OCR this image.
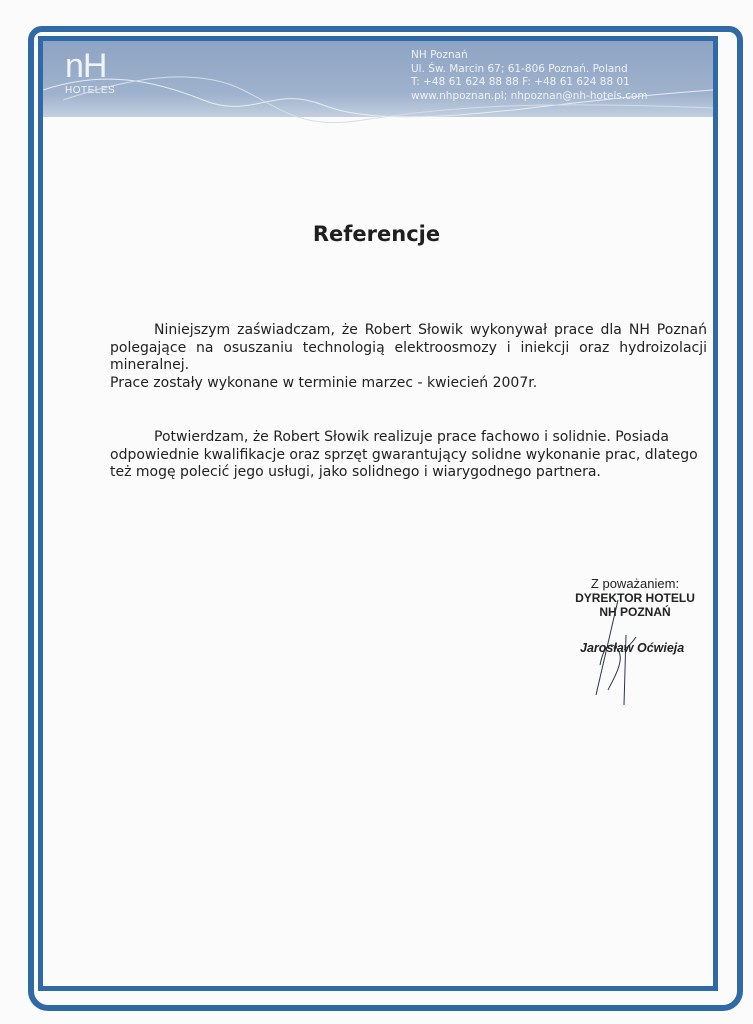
nH
HOTELES
NH Poznań
Ul. Św. Marcin 67; 61-806 Poznań. Poland
T: +48 61 624 88 88 F: +48 61 624 88 01
www.nhpoznan.pl; nhpoznan@nh-hotels.com
Referencje
Niniejszym zaświadczam, że Robert Słowik wykonywał prace dla NH Poznań polegające na osuszaniu technologią elektroosmozy i iniekcji oraz hydroizolacji mineralnej.
Prace zostały wykonane w terminie marzec - kwiecień 2007r.
Potwierdzam, że Robert Słowik realizuje prace fachowo i solidnie. Posiada odpowiednie kwalifikacje oraz sprzęt gwarantujący solidne wykonanie prac, dlatego też mogę polecić jego usługi, jako solidnego i wiarygodnego partnera.
Z poważaniem:
DYREKTOR HOTELU
NH POZNAŃ
Jarosław Oćwieja
